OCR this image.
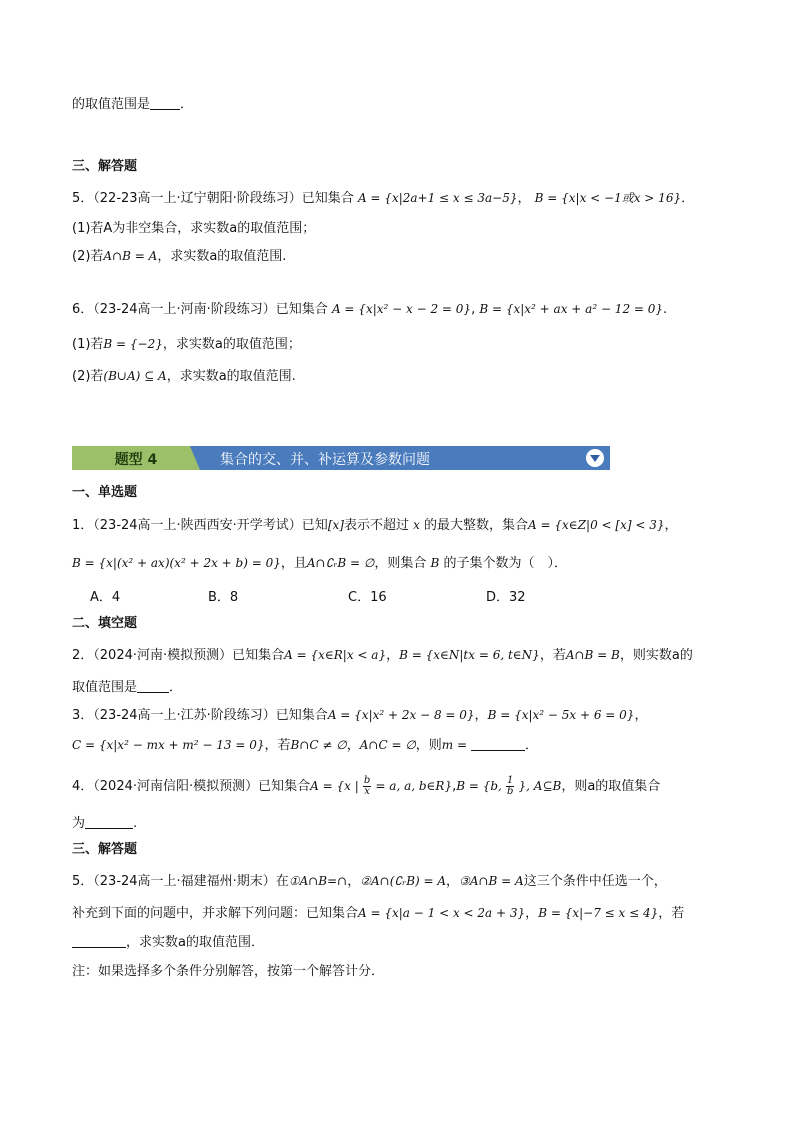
的取值范围是 ．
三、解答题
5．（22-23高一上·辽宁朝阳·阶段练习）已知集合 A = {x|2a+1 ≤ x ≤ 3a−5}， B = {x|x < −1或x > 16}．
(1)若A为非空集合，求实数a的取值范围；
(2)若A∩B = A，求实数a的取值范围.
6．（23-24高一上·河南·阶段练习）已知集合 A = {x|x² − x − 2 = 0}, B = {x|x² + ax + a² − 12 = 0}.
(1)若B = {−2}，求实数a的取值范围；
(2)若(B∪A) ⊆ A，求实数a的取值范围.
题型 4	集合的交、并、补运算及参数问题
一、单选题
1．（23-24高一上·陕西西安·开学考试）已知[x]表示不超过 x 的最大整数，集合A = {x∈Z|0 < [x] < 3}，
B = {x|(x² + ax)(x² + 2x + b) = 0}，且A∩∁ᵣB = ∅，则集合 B 的子集个数为（　）．
A．4	B．8	C．16	D．32
二、填空题
2．（2024·河南·模拟预测）已知集合A = {x∈R|x < a}，B = {x∈N|tx = 6, t∈N}，若A∩B = B，则实数a的
取值范围是 ．
3．（23-24高一上·江苏·阶段练习）已知集合A = {x|x² + 2x − 8 = 0}，B = {x|x² − 5x + 6 = 0}，
C = {x|x² − mx + m² − 13 = 0}，若B∩C ≠ ∅，A∩C = ∅，则m =	．
4．（2024·河南信阳·模拟预测）已知集合A = {x | $\frac{b}{x} = a$, a, b∈R},B = {b, $\frac{1}{b}$ }, A⊆B，则a的取值集合
为	.
三、解答题
5．（23-24高一上·福建福州·期末）在①A∩B=∩，②A∩(∁ᵣB) = A，③A∩B = A这三个条件中任选一个，
补充到下面的问题中，并求解下列问题：已知集合A = {x|a − 1 < x < 2a + 3}，B = {x|−7 ≤ x ≤ 4}，若
，求实数a的取值范围．
注：如果选择多个条件分别解答，按第一个解答计分．
